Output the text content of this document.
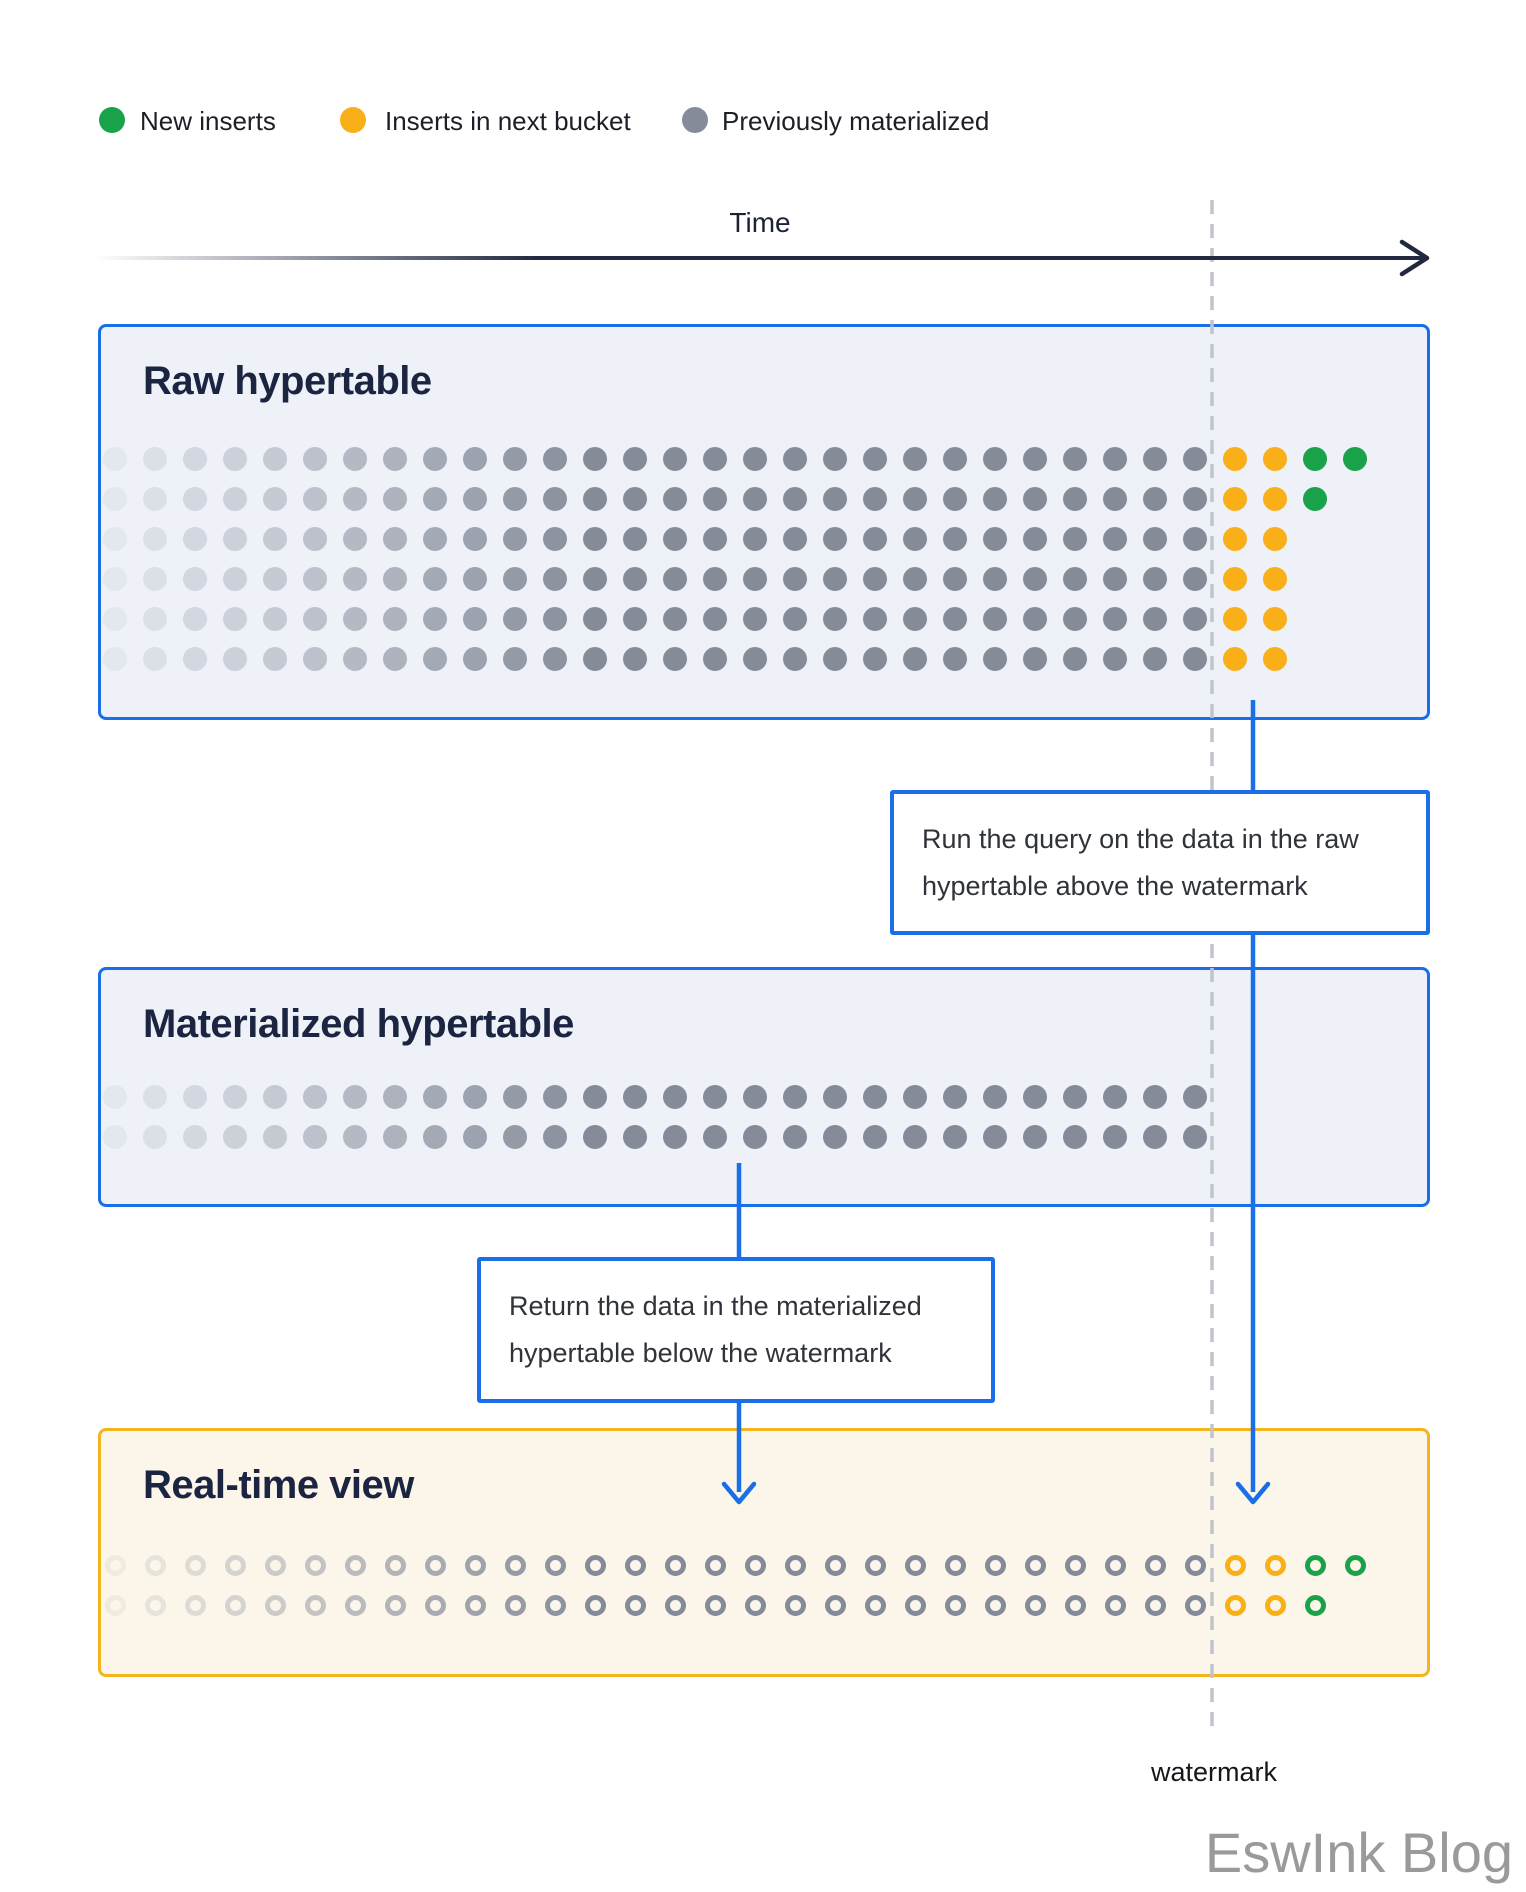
New inserts	Inserts in next bucket	Previously materialized
Time
Raw hypertable
Materialized hypertable
Real-time view
Run the query on the data in the raw
hypertable above the watermark
Return the data in the materialized
hypertable below the watermark
watermark
EswInk Blog
